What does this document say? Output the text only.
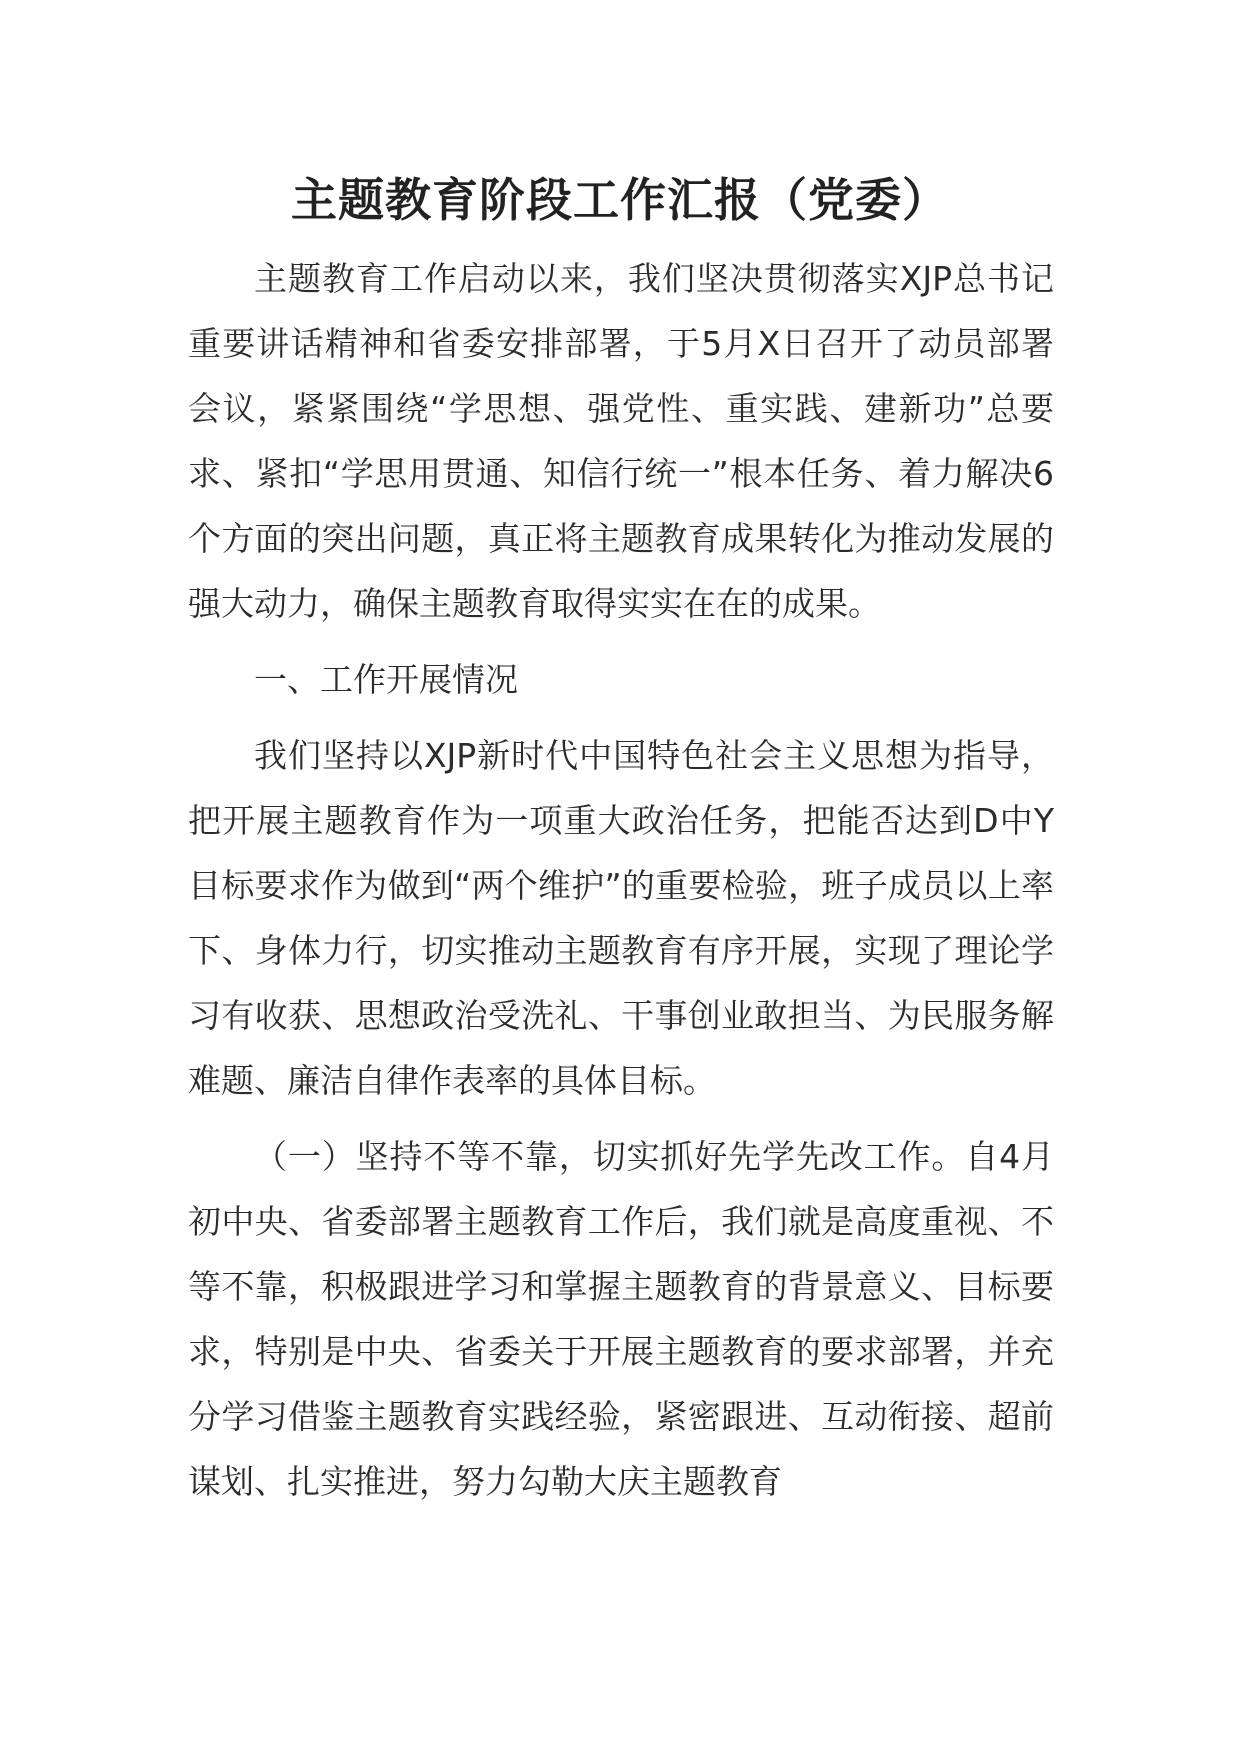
主题教育阶段工作汇报（党委）

主题教育工作启动以来，我们坚决贯彻落实XJP总书记重要讲话精神和省委安排部署，于5月X日召开了动员部署会议，紧紧围绕“学思想、强党性、重实践、建新功”总要求、紧扣“学思用贯通、知信行统一”根本任务、着力解决6个方面的突出问题，真正将主题教育成果转化为推动发展的强大动力，确保主题教育取得实实在在的成果。

一、工作开展情况

我们坚持以XJP新时代中国特色社会主义思想为指导，把开展主题教育作为一项重大政治任务，把能否达到D中Y目标要求作为做到“两个维护”的重要检验，班子成员以上率下、身体力行，切实推动主题教育有序开展，实现了理论学习有收获、思想政治受洗礼、干事创业敢担当、为民服务解难题、廉洁自律作表率的具体目标。

（一）坚持不等不靠，切实抓好先学先改工作。自4月初中央、省委部署主题教育工作后，我们就是高度重视、不等不靠，积极跟进学习和掌握主题教育的背景意义、目标要求，特别是中央、省委关于开展主题教育的要求部署，并充分学习借鉴主题教育实践经验，紧密跟进、互动衔接、超前谋划、扎实推进，努力勾勒大庆主题教育
